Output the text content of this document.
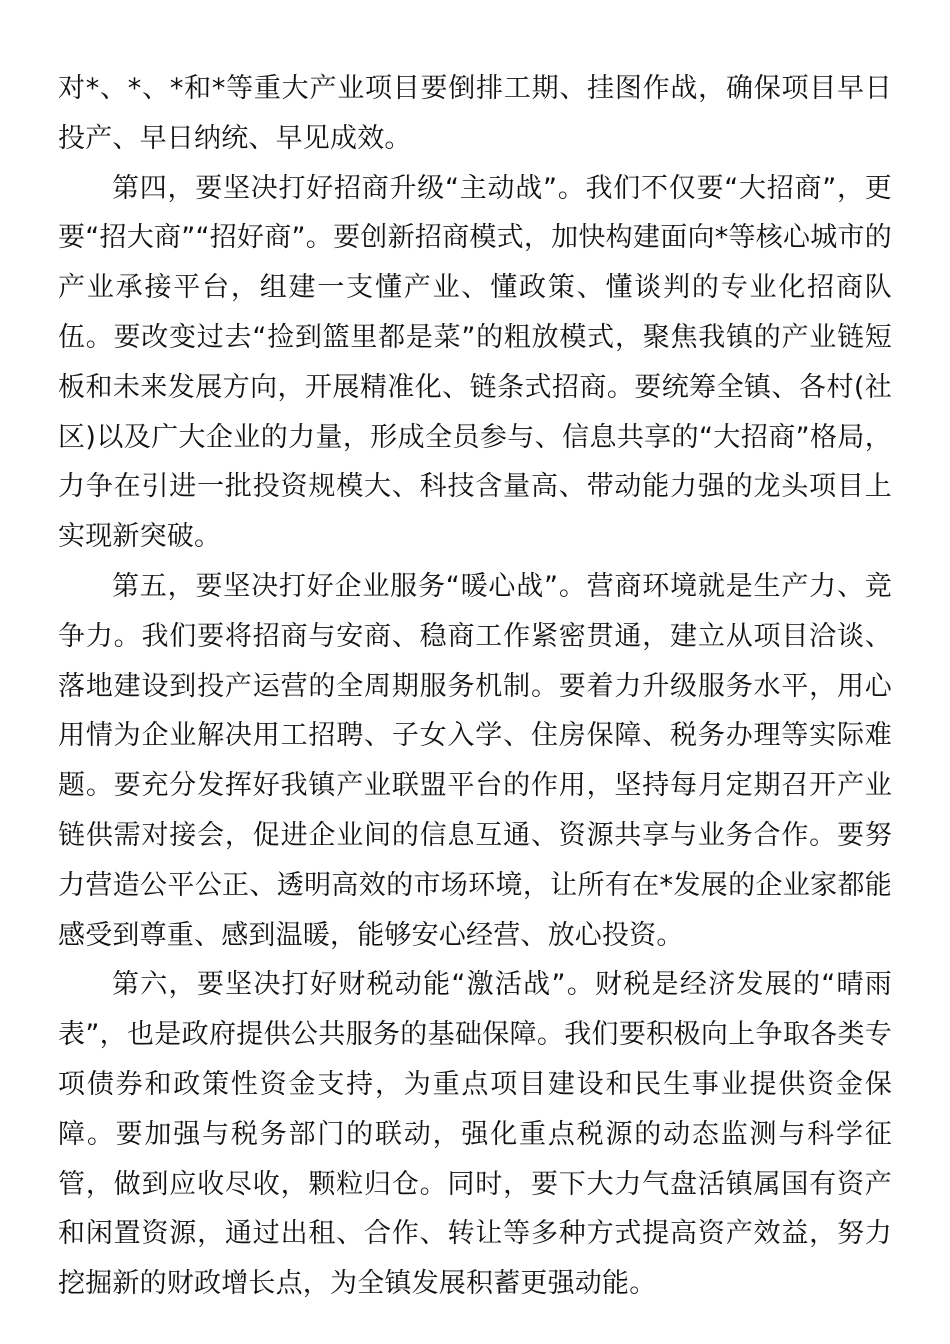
对*、*、*和*等重大产业项目要倒排工期、挂图作战，确保项目早日投产、早日纳统、早见成效。

第四，要坚决打好招商升级“主动战”。我们不仅要“大招商”，更要“招大商”“招好商”。要创新招商模式，加快构建面向*等核心城市的产业承接平台，组建一支懂产业、懂政策、懂谈判的专业化招商队伍。要改变过去“捡到篮里都是菜”的粗放模式，聚焦我镇的产业链短板和未来发展方向，开展精准化、链条式招商。要统筹全镇、各村(社区)以及广大企业的力量，形成全员参与、信息共享的“大招商”格局，力争在引进一批投资规模大、科技含量高、带动能力强的龙头项目上实现新突破。

第五，要坚决打好企业服务“暖心战”。营商环境就是生产力、竞争力。我们要将招商与安商、稳商工作紧密贯通，建立从项目洽谈、落地建设到投产运营的全周期服务机制。要着力升级服务水平，用心用情为企业解决用工招聘、子女入学、住房保障、税务办理等实际难题。要充分发挥好我镇产业联盟平台的作用，坚持每月定期召开产业链供需对接会，促进企业间的信息互通、资源共享与业务合作。要努力营造公平公正、透明高效的市场环境，让所有在*发展的企业家都能感受到尊重、感到温暖，能够安心经营、放心投资。

第六，要坚决打好财税动能“激活战”。财税是经济发展的“晴雨表”，也是政府提供公共服务的基础保障。我们要积极向上争取各类专项债券和政策性资金支持，为重点项目建设和民生事业提供资金保障。要加强与税务部门的联动，强化重点税源的动态监测与科学征管，做到应收尽收，颗粒归仓。同时，要下大力气盘活镇属国有资产和闲置资源，通过出租、合作、转让等多种方式提高资产效益，努力挖掘新的财政增长点，为全镇发展积蓄更强动能。
